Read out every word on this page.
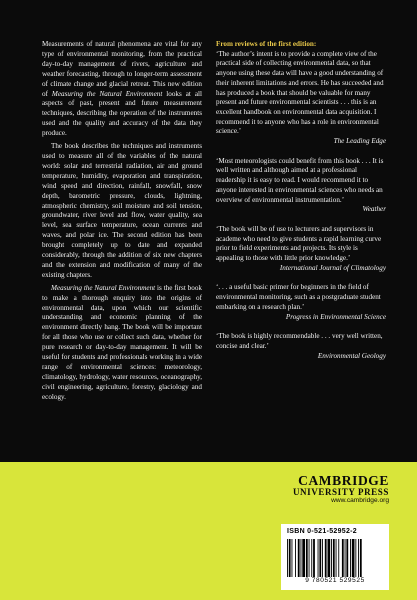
Measurements of natural phenomena are vital for any type of environmental monitoring, from the practical day-to-day management of rivers, agriculture and weather forecasting, through to longer-term assessment of climate change and glacial retreat. This new edition of Measuring the Natural Environment looks at all aspects of past, present and future measurement techniques, describing the operation of the instruments used and the quality and accuracy of the data they produce.

The book describes the techniques and instruments used to measure all of the variables of the natural world: solar and terrestrial radiation, air and ground temperature, humidity, evaporation and transpiration, wind speed and direction, rainfall, snowfall, snow depth, barometric pressure, clouds, lightning, atmospheric chemistry, soil moisture and soil tension, groundwater, river level and flow, water quality, sea level, sea surface temperature, ocean currents and waves, and polar ice. The second edition has been brought completely up to date and expanded considerably, through the addition of six new chapters and the extension and modification of many of the existing chapters.

Measuring the Natural Environment is the first book to make a thorough enquiry into the origins of environmental data, upon which our scientific understanding and economic planning of the environment directly hang. The book will be important for all those who use or collect such data, whether for pure research or day-to-day management. It will be useful for students and professionals working in a wide range of environmental sciences: meteorology, climatology, hydrology, water resources, oceanography, civil engineering, agriculture, forestry, glaciology and ecology.

From reviews of the first edition:
‘The author’s intent is to provide a complete view of the practical side of collecting environmental data, so that anyone using these data will have a good understanding of their inherent limitations and errors. He has succeeded and has produced a book that should be valuable for many present and future environmental scientists . . . this is an excellent handbook on environmental data acquisition. I recommend it to anyone who has a role in environmental science.’
The Leading Edge
‘Most meteorologists could benefit from this book . . . It is well written and although aimed at a professional readership it is easy to read. I would recommend it to anyone interested in environmental sciences who needs an overview of environmental instrumentation.’
Weather
‘The book will be of use to lecturers and supervisors in academe who need to give students a rapid learning curve prior to field experiments and projects. Its style is appealing to those with little prior knowledge.’
International Journal of Climatology
‘. . . a useful basic primer for beginners in the field of environmental monitoring, such as a postgraduate student embarking on a research plan.’
Progress in Environmental Science
‘The book is highly recommendable . . . very well written, concise and clear.’
Environmental Geology
CAMBRIDGE
UNIVERSITY PRESS
www.cambridge.org
ISBN 0-521-52952-2
9 780521 529525
